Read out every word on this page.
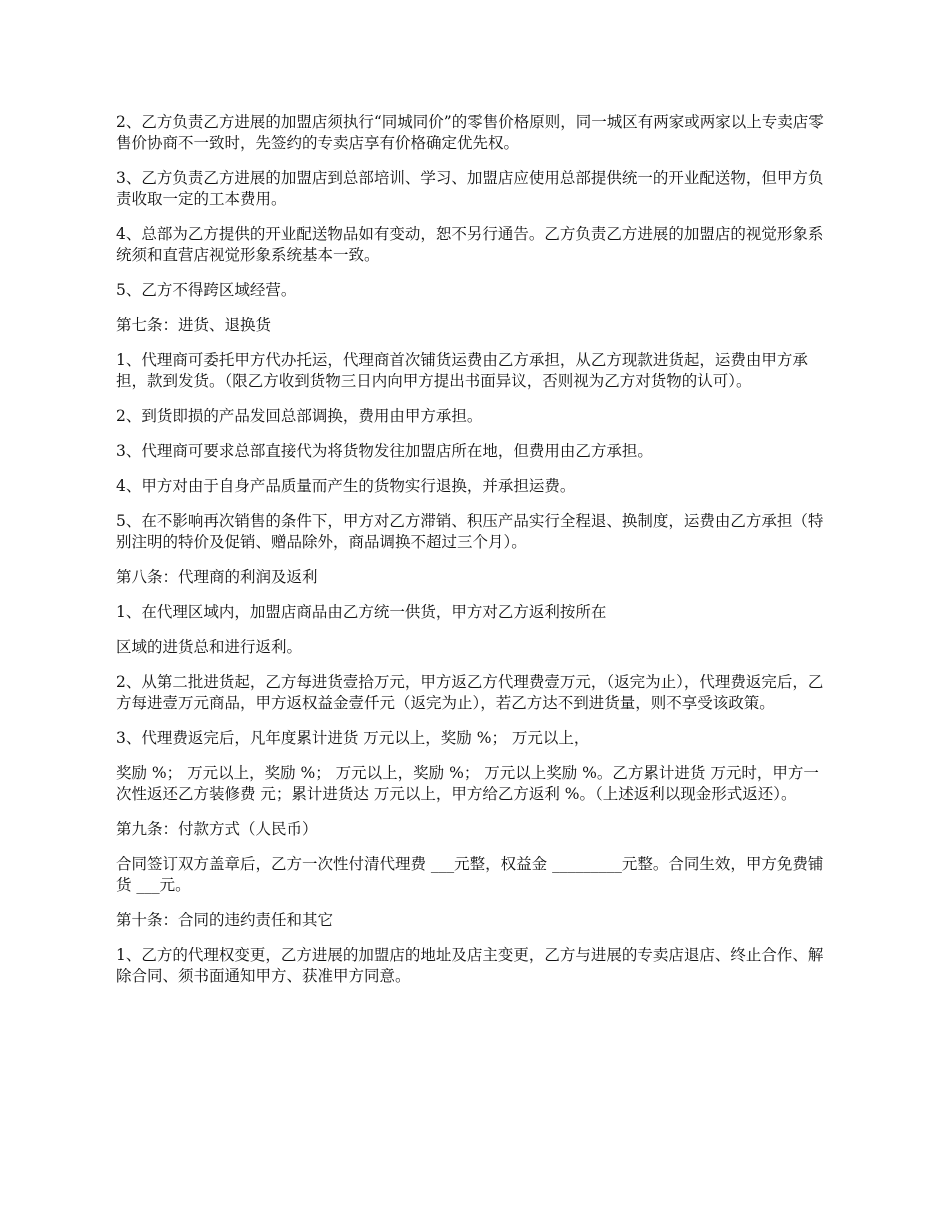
2、乙方负责乙方进展的加盟店须执行“同城同价”的零售价格原则，同一城区有两家或两家以上专卖店零售价协商不一致时，先签约的专卖店享有价格确定优先权。

3、乙方负责乙方进展的加盟店到总部培训、学习、加盟店应使用总部提供统一的开业配送物，但甲方负责收取一定的工本费用。

4、总部为乙方提供的开业配送物品如有变动，恕不另行通告。乙方负责乙方进展的加盟店的视觉形象系统须和直营店视觉形象系统基本一致。

5、乙方不得跨区域经营。

第七条：进货、退换货

1、代理商可委托甲方代办托运，代理商首次铺货运费由乙方承担，从乙方现款进货起，运费由甲方承担，款到发货。（限乙方收到货物三日内向甲方提出书面异议，否则视为乙方对货物的认可）。

2、到货即损的产品发回总部调换，费用由甲方承担。

3、代理商可要求总部直接代为将货物发往加盟店所在地，但费用由乙方承担。

4、甲方对由于自身产品质量而产生的货物实行退换，并承担运费。

5、在不影响再次销售的条件下，甲方对乙方滞销、积压产品实行全程退、换制度，运费由乙方承担（特别注明的特价及促销、赠品除外，商品调换不超过三个月）。

第八条：代理商的利润及返利

1、在代理区域内，加盟店商品由乙方统一供货，甲方对乙方返利按所在

区域的进货总和进行返利。

2、从第二批进货起，乙方每进货壹拾万元，甲方返乙方代理费壹万元，（返完为止），代理费返完后，乙方每进壹万元商品，甲方返权益金壹仟元（返完为止），若乙方达不到进货量，则不享受该政策。

3、代理费返完后，凡年度累计进货 万元以上，奖励 %； 万元以上，

奖励 %； 万元以上，奖励 %； 万元以上，奖励 %； 万元以上奖励 %。乙方累计进货 万元时，甲方一次性返还乙方装修费 元；累计进货达 万元以上，甲方给乙方返利 %。（上述返利以现金形式返还）。

第九条：付款方式（人民币）

合同签订双方盖章后，乙方一次性付清代理费 ___元整，权益金 _________元整。合同生效，甲方免费铺货 ___元。

第十条：合同的违约责任和其它

1、乙方的代理权变更，乙方进展的加盟店的地址及店主变更，乙方与进展的专卖店退店、终止合作、解除合同、须书面通知甲方、获准甲方同意。
